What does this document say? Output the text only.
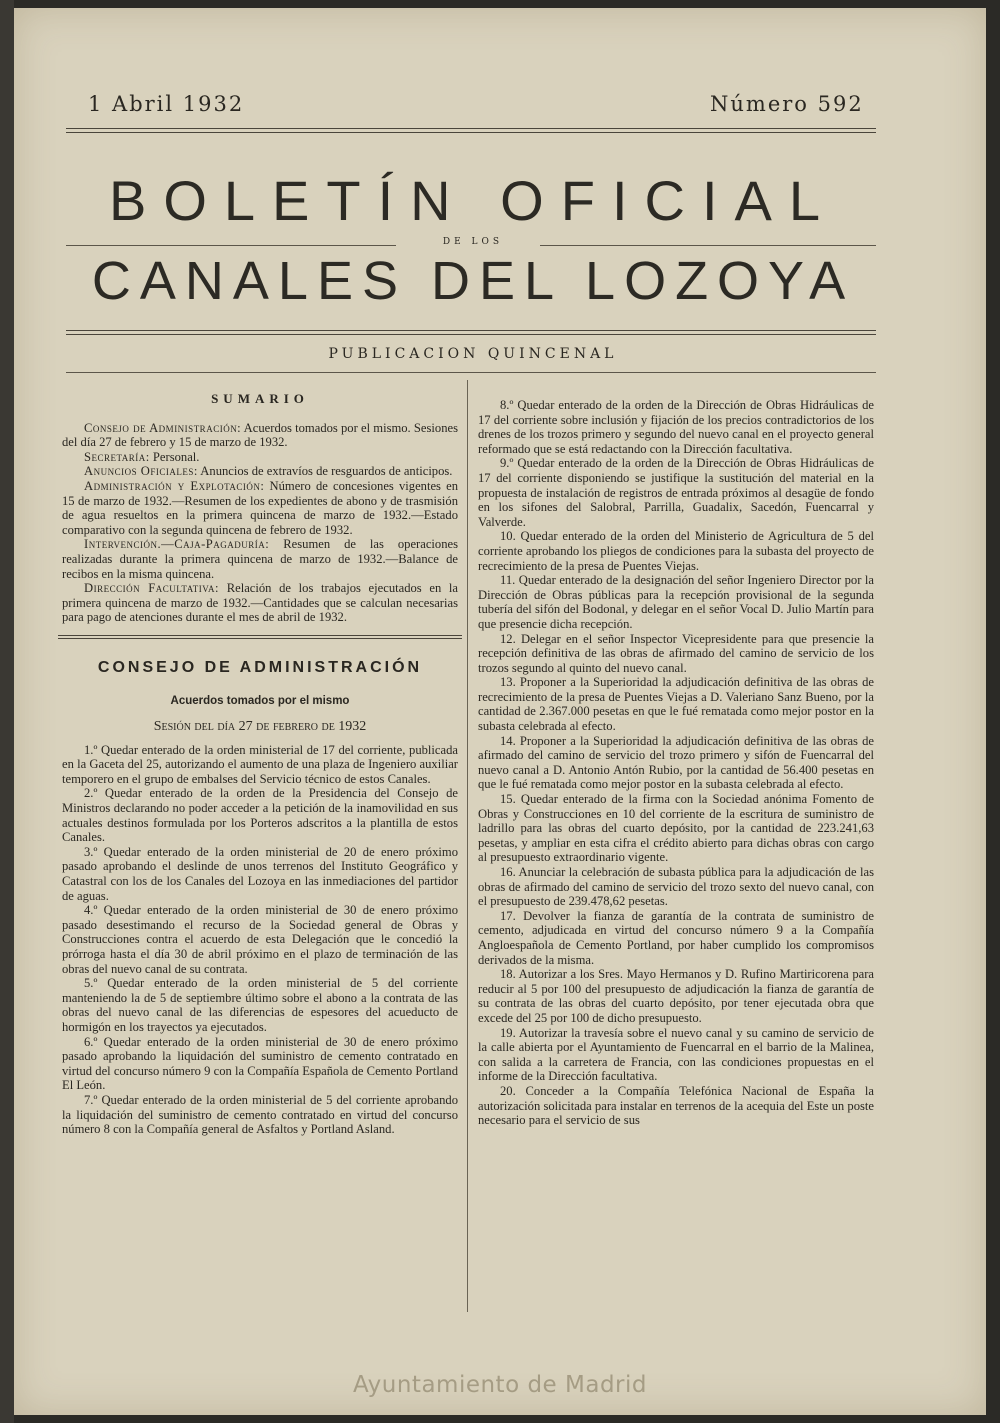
1 Abril 1932	Número 592
BOLETÍN OFICIAL
DE LOS
CANALES DEL LOZOYA
PUBLICACION QUINCENAL
SUMARIO

Consejo de Administración: Acuerdos tomados por el mismo. Sesiones del día 27 de febrero y 15 de marzo de 1932.

Secretaría: Personal.

Anuncios Oficiales: Anuncios de extravíos de resguardos de anticipos.

Administración y Explotación: Número de concesiones vigentes en 15 de marzo de 1932.—Resumen de los expedientes de abono y de trasmisión de agua resueltos en la primera quincena de marzo de 1932.—Estado comparativo con la segunda quincena de febrero de 1932.

Intervención.—Caja-Pagaduría: Resumen de las operaciones realizadas durante la primera quincena de marzo de 1932.—Balance de recibos en la misma quincena.

Dirección Facultativa: Relación de los trabajos ejecutados en la primera quincena de marzo de 1932.—Cantidades que se calculan necesarias para pago de atenciones durante el mes de abril de 1932.

CONSEJO DE ADMINISTRACIÓN
Acuerdos tomados por el mismo
Sesión del día 27 de febrero de 1932

1.º Quedar enterado de la orden ministerial de 17 del corriente, publicada en la Gaceta del 25, autorizando el aumento de una plaza de Ingeniero auxiliar temporero en el grupo de embalses del Servicio técnico de estos Canales.

2.º Quedar enterado de la orden de la Presidencia del Consejo de Ministros declarando no poder acceder a la petición de la inamovilidad en sus actuales destinos formulada por los Porteros adscritos a la plantilla de estos Canales.

3.º Quedar enterado de la orden ministerial de 20 de enero próximo pasado aprobando el deslinde de unos terrenos del Instituto Geográfico y Catastral con los de los Canales del Lozoya en las inmediaciones del partidor de aguas.

4.º Quedar enterado de la orden ministerial de 30 de enero próximo pasado desestimando el recurso de la Sociedad general de Obras y Construcciones contra el acuerdo de esta Delegación que le concedió la prórroga hasta el día 30 de abril próximo en el plazo de terminación de las obras del nuevo canal de su contrata.

5.º Quedar enterado de la orden ministerial de 5 del corriente manteniendo la de 5 de septiembre último sobre el abono a la contrata de las obras del nuevo canal de las diferencias de espesores del acueducto de hormigón en los trayectos ya ejecutados.

6.º Quedar enterado de la orden ministerial de 30 de enero próximo pasado aprobando la liquidación del suministro de cemento contratado en virtud del concurso número 9 con la Compañía Española de Cemento Portland El León.

7.º Quedar enterado de la orden ministerial de 5 del corriente aprobando la liquidación del suministro de cemento contratado en virtud del concurso número 8 con la Compañía general de Asfaltos y Portland Asland.

8.º Quedar enterado de la orden de la Dirección de Obras Hidráulicas de 17 del corriente sobre inclusión y fijación de los precios contradictorios de los drenes de los trozos primero y segundo del nuevo canal en el proyecto general reformado que se está redactando con la Dirección facultativa.

9.º Quedar enterado de la orden de la Dirección de Obras Hidráulicas de 17 del corriente disponiendo se justifique la sustitución del material en la propuesta de instalación de registros de entrada próximos al desagüe de fondo en los sifones del Salobral, Parrilla, Guadalix, Sacedón, Fuencarral y Valverde.

10. Quedar enterado de la orden del Ministerio de Agricultura de 5 del corriente aprobando los pliegos de condiciones para la subasta del proyecto de recrecimiento de la presa de Puentes Viejas.

11. Quedar enterado de la designación del señor Ingeniero Director por la Dirección de Obras públicas para la recepción provisional de la segunda tubería del sifón del Bodonal, y delegar en el señor Vocal D. Julio Martín para que presencie dicha recepción.

12. Delegar en el señor Inspector Vicepresidente para que presencie la recepción definitiva de las obras de afirmado del camino de servicio de los trozos segundo al quinto del nuevo canal.

13. Proponer a la Superioridad la adjudicación definitiva de las obras de recrecimiento de la presa de Puentes Viejas a D. Valeriano Sanz Bueno, por la cantidad de 2.367.000 pesetas en que le fué rematada como mejor postor en la subasta celebrada al efecto.

14. Proponer a la Superioridad la adjudicación definitiva de las obras de afirmado del camino de servicio del trozo primero y sifón de Fuencarral del nuevo canal a D. Antonio Antón Rubio, por la cantidad de 56.400 pesetas en que le fué rematada como mejor postor en la subasta celebrada al efecto.

15. Quedar enterado de la firma con la Sociedad anónima Fomento de Obras y Construcciones en 10 del corriente de la escritura de suministro de ladrillo para las obras del cuarto depósito, por la cantidad de 223.241,63 pesetas, y ampliar en esta cifra el crédito abierto para dichas obras con cargo al presupuesto extraordinario vigente.

16. Anunciar la celebración de subasta pública para la adjudicación de las obras de afirmado del camino de servicio del trozo sexto del nuevo canal, con el presupuesto de 239.478,62 pesetas.

17. Devolver la fianza de garantía de la contrata de suministro de cemento, adjudicada en virtud del concurso número 9 a la Compañía Angloespañola de Cemento Portland, por haber cumplido los compromisos derivados de la misma.

18. Autorizar a los Sres. Mayo Hermanos y D. Rufino Martiricorena para reducir al 5 por 100 del presupuesto de adjudicación la fianza de garantía de su contrata de las obras del cuarto depósito, por tener ejecutada obra que excede del 25 por 100 de dicho presupuesto.

19. Autorizar la travesía sobre el nuevo canal y su camino de servicio de la calle abierta por el Ayuntamiento de Fuencarral en el barrio de la Malinea, con salida a la carretera de Francia, con las condiciones propuestas en el informe de la Dirección facultativa.

20. Conceder a la Compañía Telefónica Nacional de España la autorización solicitada para instalar en terrenos de la acequia del Este un poste necesario para el servicio de sus

Ayuntamiento de Madrid
